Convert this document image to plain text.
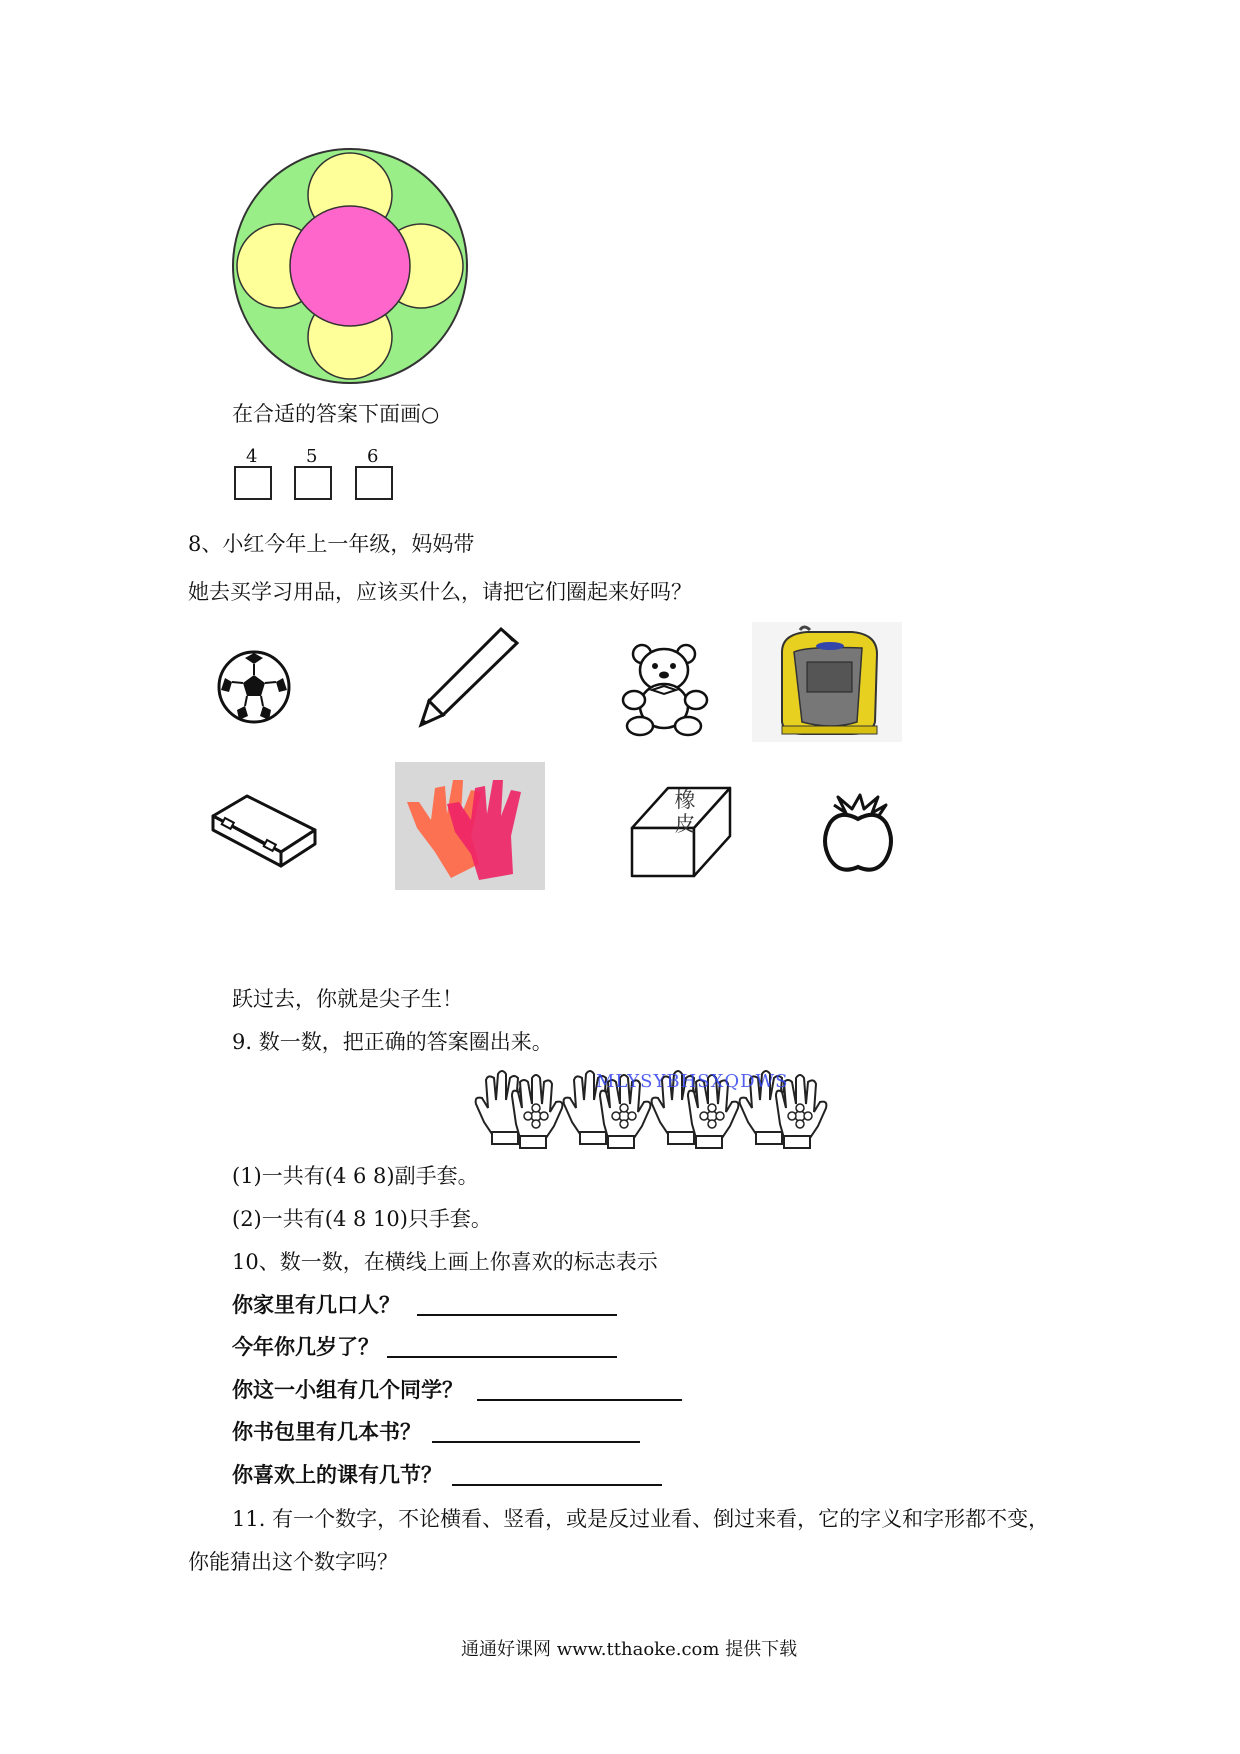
在合适的答案下面画○
4	5	6
8、小红今年上一年级，妈妈带
她去买学习用品，应该买什么，请把它们圈起来好吗？
橡
皮
跃过去，你就是尖子生！
9. 数一数，把正确的答案圈出来。
MLYSYBHSXQDWS
(1)一共有(4 6 8)副手套。
(2)一共有(4 8 10)只手套。
10、数一数，在横线上画上你喜欢的标志表示
你家里有几口人？
今年你几岁了？
你这一小组有几个同学？
你书包里有几本书？
你喜欢上的课有几节？
11. 有一个数字，不论横看、竖看，或是反过业看、倒过来看，它的字义和字形都不变，
你能猜出这个数字吗？
通通好课网 www.tthaoke.com 提供下载
